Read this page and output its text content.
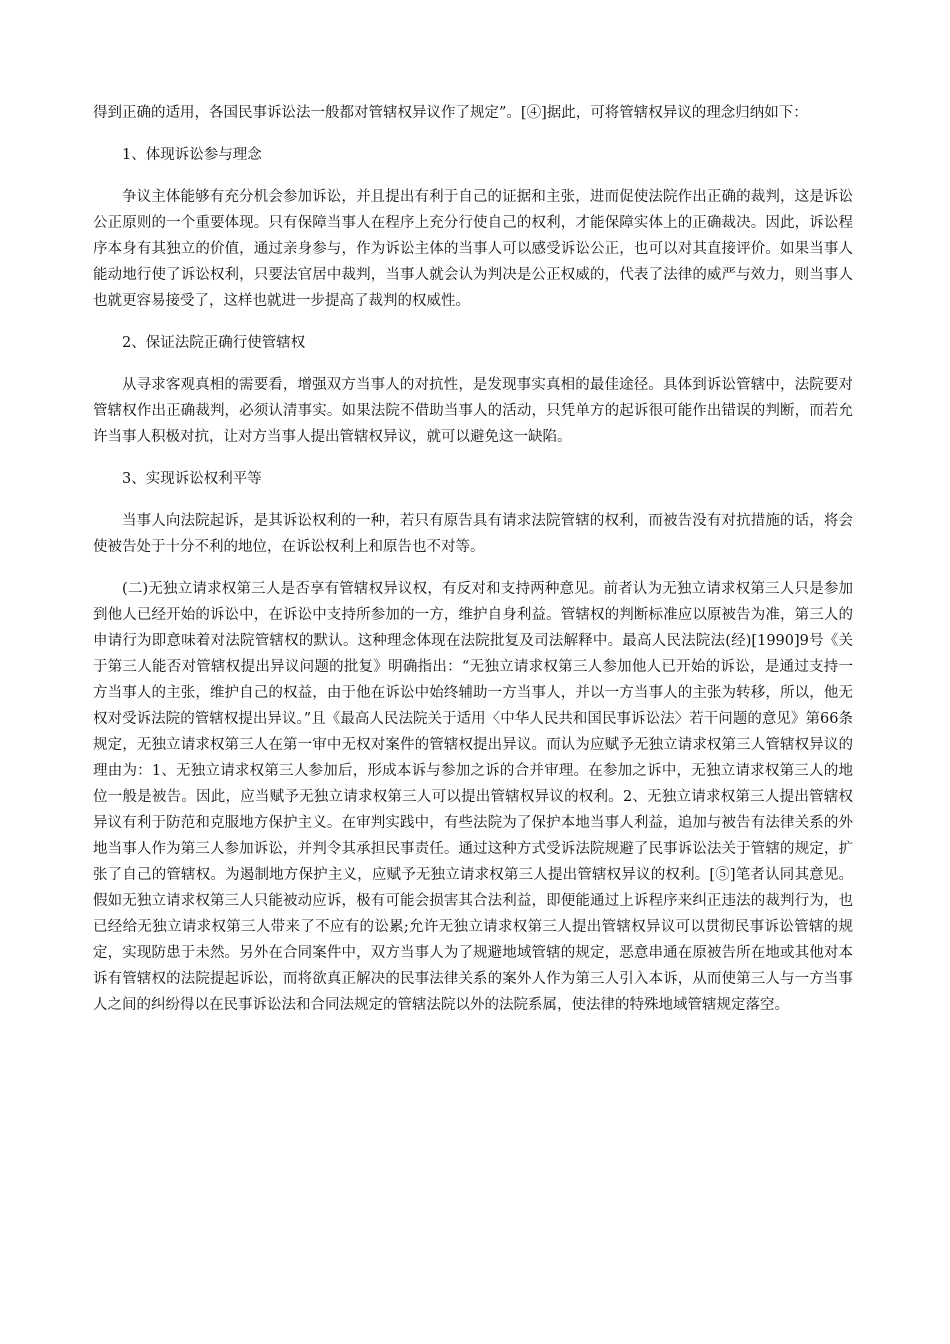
得到正确的适用，各国民事诉讼法一般都对管辖权异议作了规定”。[④]据此，可将管辖权异议的理念归纳如下：

1、体现诉讼参与理念

争议主体能够有充分机会参加诉讼，并且提出有利于自己的证据和主张，进而促使法院作出正确的裁判，这是诉讼公正原则的一个重要体现。只有保障当事人在程序上充分行使自己的权利，才能保障实体上的正确裁决。因此，诉讼程序本身有其独立的价值，通过亲身参与，作为诉讼主体的当事人可以感受诉讼公正，也可以对其直接评价。如果当事人能动地行使了诉讼权利，只要法官居中裁判，当事人就会认为判决是公正权威的，代表了法律的威严与效力，则当事人也就更容易接受了，这样也就进一步提高了裁判的权威性。

2、保证法院正确行使管辖权

从寻求客观真相的需要看，增强双方当事人的对抗性，是发现事实真相的最佳途径。具体到诉讼管辖中，法院要对管辖权作出正确裁判，必须认清事实。如果法院不借助当事人的活动，只凭单方的起诉很可能作出错误的判断，而若允许当事人积极对抗，让对方当事人提出管辖权异议，就可以避免这一缺陷。

3、实现诉讼权利平等

当事人向法院起诉，是其诉讼权利的一种，若只有原告具有请求法院管辖的权利，而被告没有对抗措施的话，将会使被告处于十分不利的地位，在诉讼权利上和原告也不对等。

(二)无独立请求权第三人是否享有管辖权异议权，有反对和支持两种意见。前者认为无独立请求权第三人只是参加到他人已经开始的诉讼中，在诉讼中支持所参加的一方，维护自身利益。管辖权的判断标准应以原被告为准，第三人的申请行为即意味着对法院管辖权的默认。这种理念体现在法院批复及司法解释中。最高人民法院法(经)[1990]9号《关于第三人能否对管辖权提出异议问题的批复》明确指出：“无独立请求权第三人参加他人已开始的诉讼，是通过支持一方当事人的主张，维护自己的权益，由于他在诉讼中始终辅助一方当事人，并以一方当事人的主张为转移，所以，他无权对受诉法院的管辖权提出异议。”且《最高人民法院关于适用〈中华人民共和国民事诉讼法〉若干问题的意见》第66条规定，无独立请求权第三人在第一审中无权对案件的管辖权提出异议。而认为应赋予无独立请求权第三人管辖权异议的理由为：1、无独立请求权第三人参加后，形成本诉与参加之诉的合并审理。在参加之诉中，无独立请求权第三人的地位一般是被告。因此，应当赋予无独立请求权第三人可以提出管辖权异议的权利。2、无独立请求权第三人提出管辖权异议有利于防范和克服地方保护主义。在审判实践中，有些法院为了保护本地当事人利益，追加与被告有法律关系的外地当事人作为第三人参加诉讼，并判令其承担民事责任。通过这种方式受诉法院规避了民事诉讼法关于管辖的规定，扩张了自己的管辖权。为遏制地方保护主义，应赋予无独立请求权第三人提出管辖权异议的权利。[⑤]笔者认同其意见。假如无独立请求权第三人只能被动应诉，极有可能会损害其合法利益，即便能通过上诉程序来纠正违法的裁判行为，也已经给无独立请求权第三人带来了不应有的讼累;允许无独立请求权第三人提出管辖权异议可以贯彻民事诉讼管辖的规定，实现防患于未然。另外在合同案件中，双方当事人为了规避地域管辖的规定，恶意串通在原被告所在地或其他对本诉有管辖权的法院提起诉讼，而将欲真正解决的民事法律关系的案外人作为第三人引入本诉，从而使第三人与一方当事人之间的纠纷得以在民事诉讼法和合同法规定的管辖法院以外的法院系属，使法律的特殊地域管辖规定落空。
